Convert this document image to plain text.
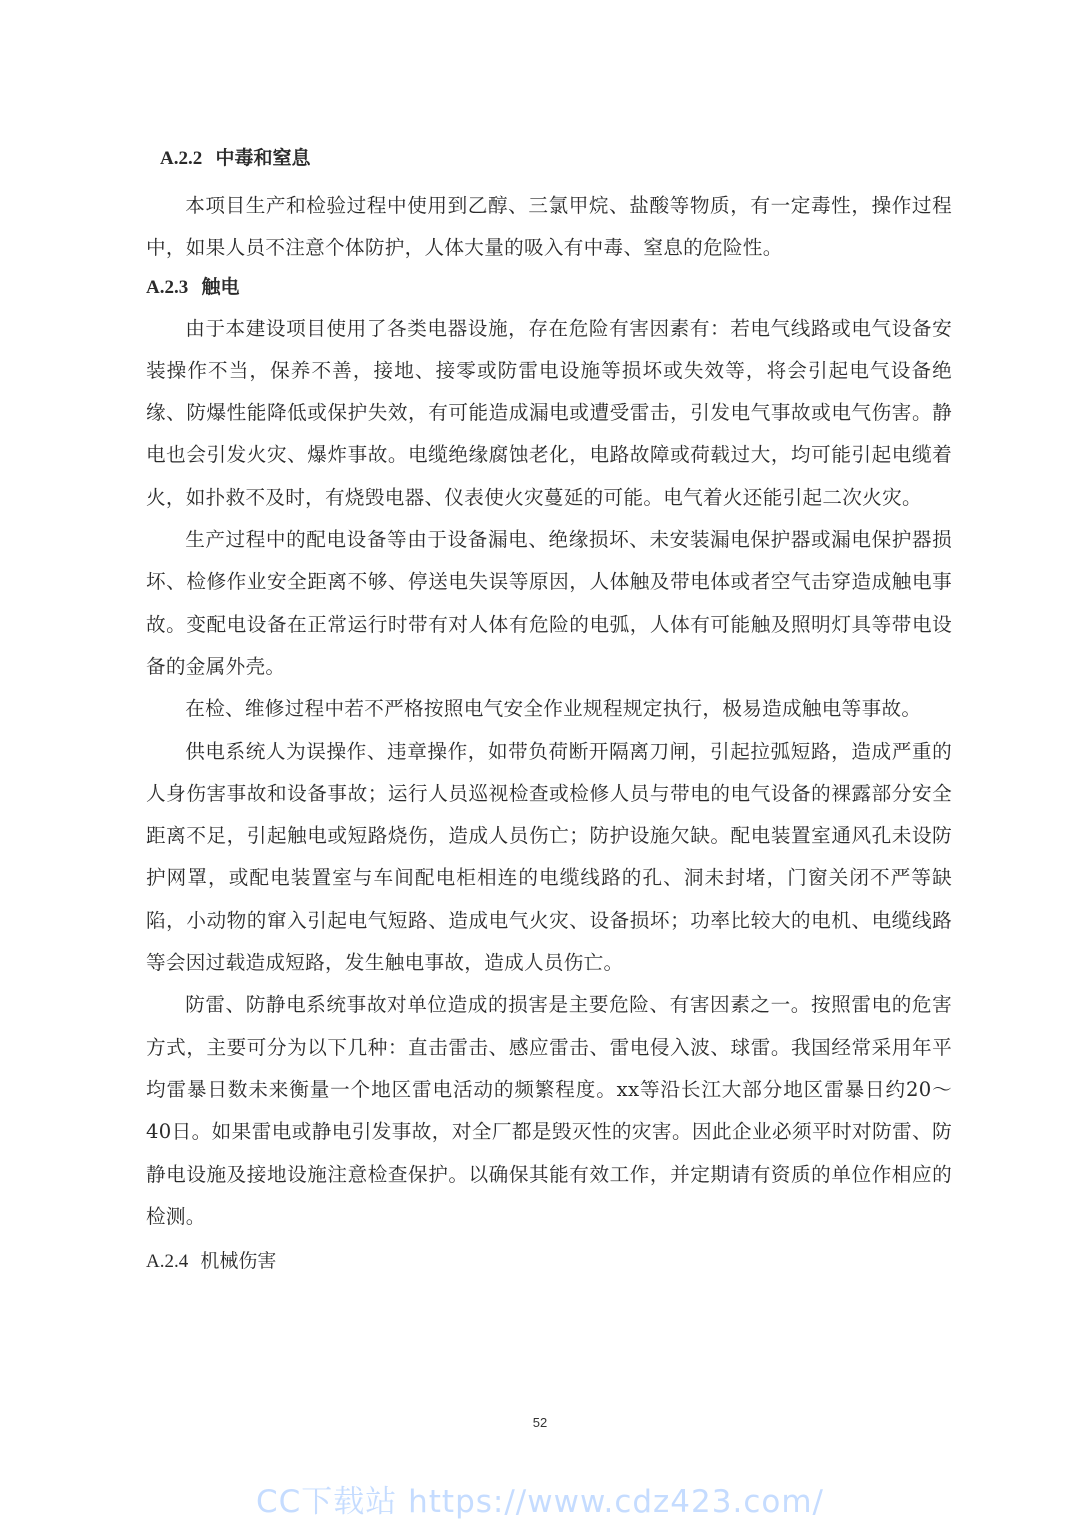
A.2.2 中毒和窒息

本项目生产和检验过程中使用到乙醇、三氯甲烷、盐酸等物质，有一定毒性，操作过程中，如果人员不注意个体防护，人体大量的吸入有中毒、窒息的危险性。

A.2.3 触电

由于本建设项目使用了各类电器设施，存在危险有害因素有：若电气线路或电气设备安装操作不当，保养不善，接地、接零或防雷电设施等损坏或失效等，将会引起电气设备绝缘、防爆性能降低或保护失效，有可能造成漏电或遭受雷击，引发电气事故或电气伤害。静电也会引发火灾、爆炸事故。电缆绝缘腐蚀老化，电路故障或荷载过大，均可能引起电缆着火，如扑救不及时，有烧毁电器、仪表使火灾蔓延的可能。电气着火还能引起二次火灾。

生产过程中的配电设备等由于设备漏电、绝缘损坏、未安装漏电保护器或漏电保护器损坏、检修作业安全距离不够、停送电失误等原因，人体触及带电体或者空气击穿造成触电事故。变配电设备在正常运行时带有对人体有危险的电弧，人体有可能触及照明灯具等带电设备的金属外壳。

在检、维修过程中若不严格按照电气安全作业规程规定执行，极易造成触电等事故。

供电系统人为误操作、违章操作，如带负荷断开隔离刀闸，引起拉弧短路，造成严重的人身伤害事故和设备事故；运行人员巡视检查或检修人员与带电的电气设备的裸露部分安全距离不足，引起触电或短路烧伤，造成人员伤亡；防护设施欠缺。配电装置室通风孔未设防护网罩，或配电装置室与车间配电柜相连的电缆线路的孔、洞未封堵，门窗关闭不严等缺陷，小动物的窜入引起电气短路、造成电气火灾、设备损坏；功率比较大的电机、电缆线路等会因过载造成短路，发生触电事故，造成人员伤亡。

防雷、防静电系统事故对单位造成的损害是主要危险、有害因素之一。按照雷电的危害方式，主要可分为以下几种：直击雷击、感应雷击、雷电侵入波、球雷。我国经常采用年平均雷暴日数未来衡量一个地区雷电活动的频繁程度。xx等沿长江大部分地区雷暴日约20～40日。如果雷电或静电引发事故，对全厂都是毁灭性的灾害。因此企业必须平时对防雷、防静电设施及接地设施注意检查保护。以确保其能有效工作，并定期请有资质的单位作相应的检测。

A.2.4 机械伤害
52
CC下载站 https://www.cdz423.com/
